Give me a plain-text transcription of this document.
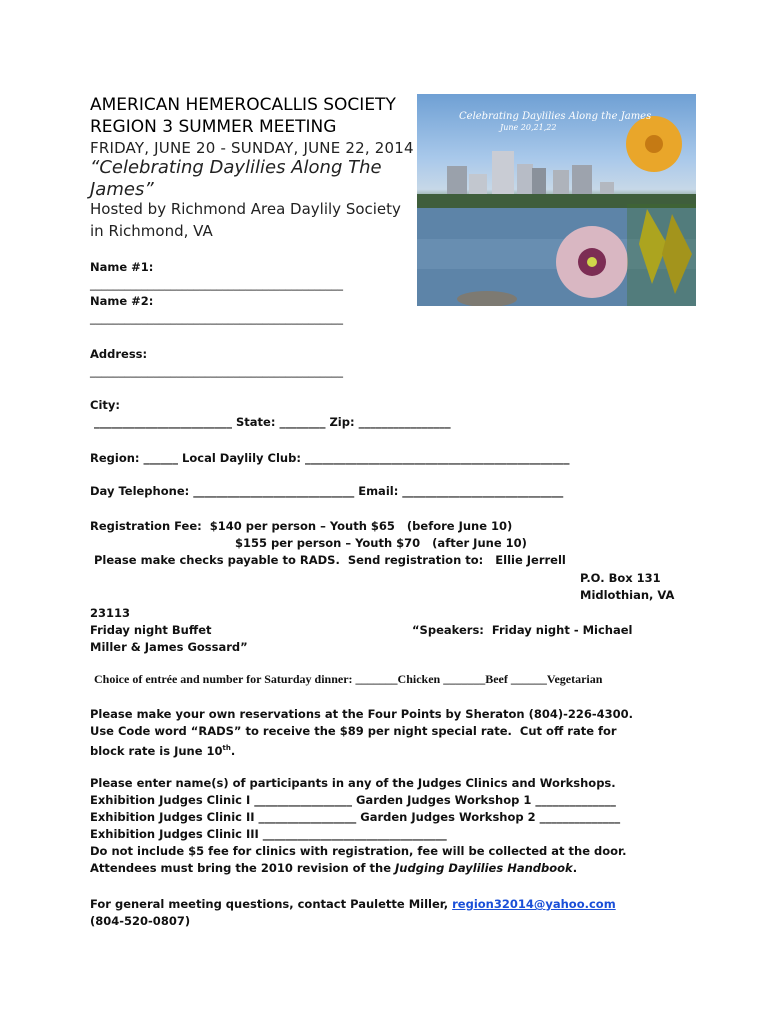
AMERICAN HEMEROCALLIS SOCIETY
REGION 3 SUMMER MEETING
FRIDAY, JUNE 20 - SUNDAY, JUNE 22, 2014
“Celebrating Daylilies Along The
James”
Hosted by Richmond Area Daylily Society
in Richmond, VA
Celebrating Daylilies Along the James
June 20,21,22
Name #1:
____________________________________________
Name #2:
____________________________________________
Address:
____________________________________________
City:
________________________ State: ________ Zip: ________________
Region: ______ Local Daylily Club: ______________________________________________
Day Telephone: ____________________________ Email: ____________________________
Registration Fee:  $140 per person – Youth $65   (before June 10)
$155 per person – Youth $70   (after June 10)
Please make checks payable to RADS.  Send registration to:   Ellie Jerrell
P.O. Box 131
Midlothian, VA
23113
Friday night Buffet	“Speakers:  Friday night - Michael
Miller & James Gossard”
Choice of entrée and number for Saturday dinner: _______Chicken _______Beef ______Vegetarian
Please make your own reservations at the Four Points by Sheraton (804)-226-4300.
Use Code word “RADS” to receive the $89 per night special rate.  Cut off rate for
block rate is June 10th.
Please enter name(s) of participants in any of the Judges Clinics and Workshops.
Exhibition Judges Clinic I _________________ Garden Judges Workshop 1 ______________
Exhibition Judges Clinic II _________________ Garden Judges Workshop 2 ______________
Exhibition Judges Clinic III ________________________________
Do not include $5 fee for clinics with registration, fee will be collected at the door.
Attendees must bring the 2010 revision of the Judging Daylilies Handbook.
For general meeting questions, contact Paulette Miller, region32014@yahoo.com
(804-520-0807)
